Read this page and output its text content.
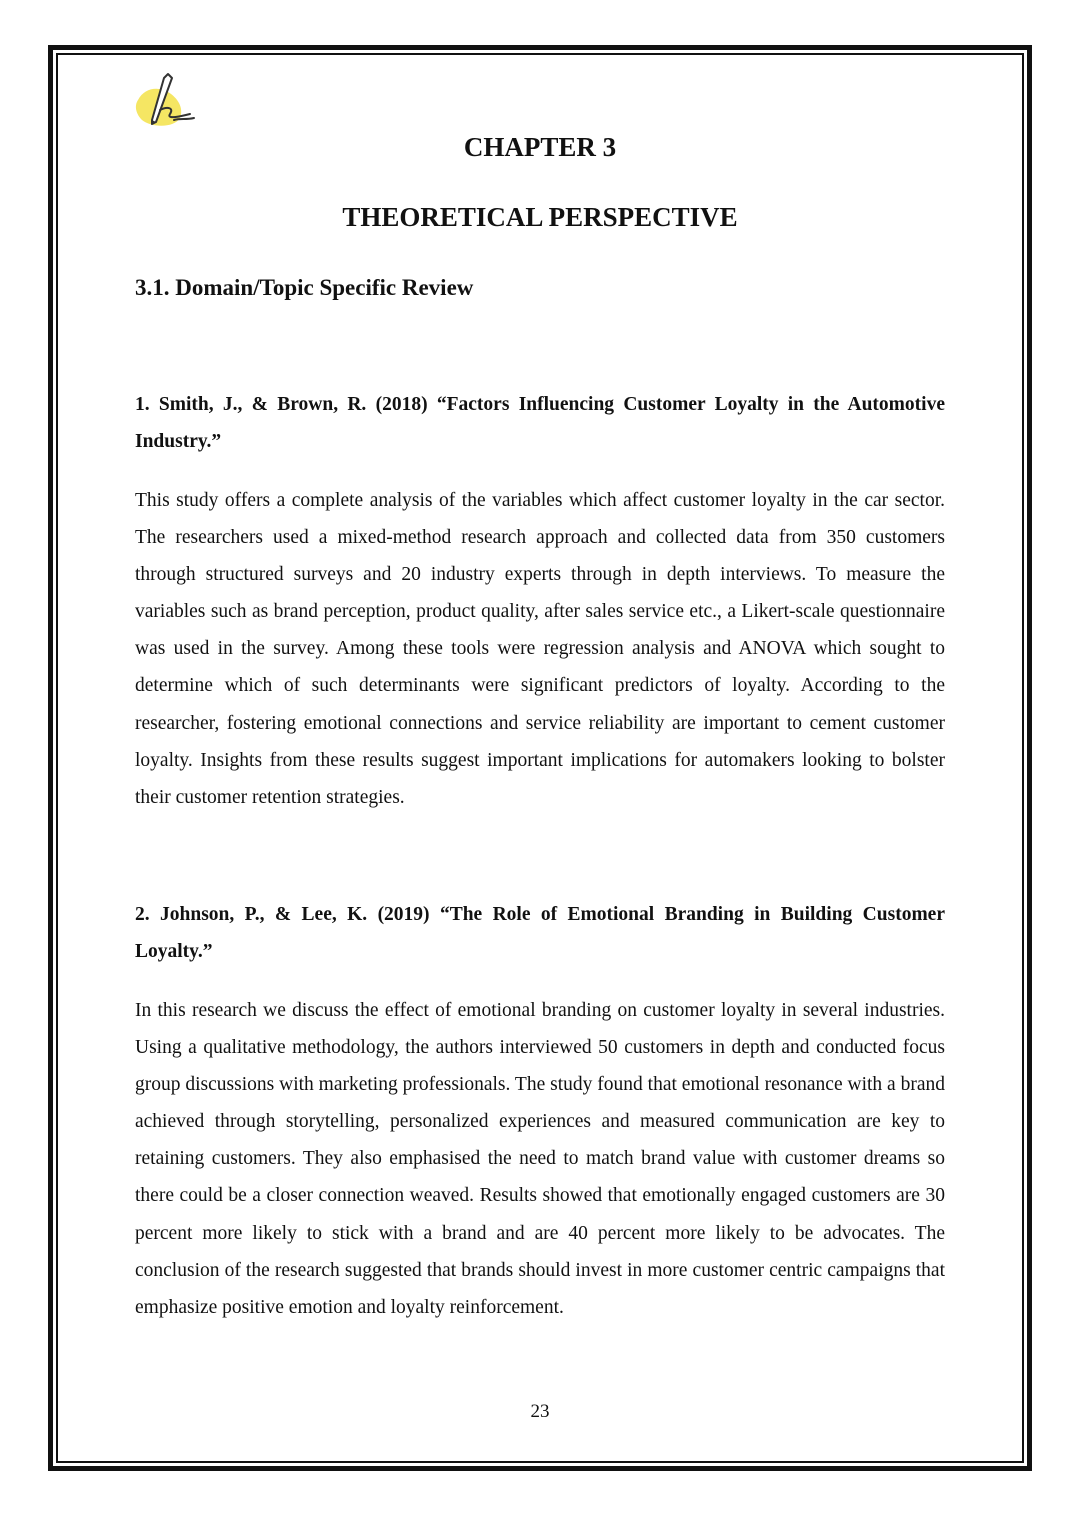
CHAPTER 3
THEORETICAL PERSPECTIVE
3.1. Domain/Topic Specific Review

1. Smith, J., & Brown, R. (2018) “Factors Influencing Customer Loyalty in the Automotive Industry.”

This study offers a complete analysis of the variables which affect customer loyalty in the car sector. The researchers used a mixed-method research approach and collected data from 350 customers through structured surveys and 20 industry experts through in depth interviews. To measure the variables such as brand perception, product quality, after sales service etc., a Likert-scale questionnaire was used in the survey. Among these tools were regression analysis and ANOVA which sought to determine which of such determinants were significant predictors of loyalty. According to the researcher, fostering emotional connections and service reliability are important to cement customer loyalty. Insights from these results suggest important implications for automakers looking to bolster their customer retention strategies.

2. Johnson, P., & Lee, K. (2019) “The Role of Emotional Branding in Building Customer Loyalty.”

In this research we discuss the effect of emotional branding on customer loyalty in several industries. Using a qualitative methodology, the authors interviewed 50 customers in depth and conducted focus group discussions with marketing professionals. The study found that emotional resonance with a brand achieved through storytelling, personalized experiences and measured communication are key to retaining customers. They also emphasised the need to match brand value with customer dreams so there could be a closer connection weaved. Results showed that emotionally engaged customers are 30 percent more likely to stick with a brand and are 40 percent more likely to be advocates. The conclusion of the research suggested that brands should invest in more customer centric campaigns that emphasize positive emotion and loyalty reinforcement.

23
